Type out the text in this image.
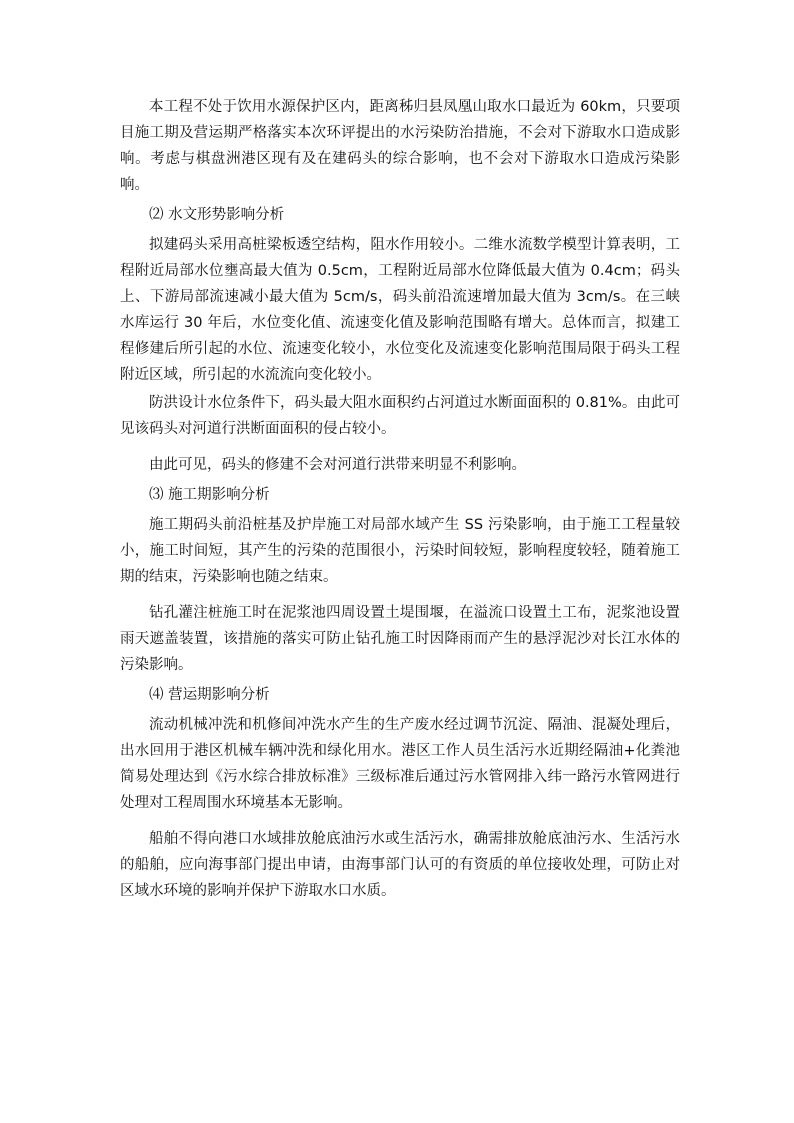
本工程不处于饮用水源保护区内，距离秭归县凤凰山取水口最近为 60km，只要项目施工期及营运期严格落实本次环评提出的水污染防治措施，不会对下游取水口造成影响。考虑与棋盘洲港区现有及在建码头的综合影响，也不会对下游取水口造成污染影响。

⑵ 水文形势影响分析

拟建码头采用高桩梁板透空结构，阻水作用较小。二维水流数学模型计算表明，工程附近局部水位壅高最大值为 0.5cm，工程附近局部水位降低最大值为 0.4cm；码头上、下游局部流速减小最大值为 5cm/s，码头前沿流速增加最大值为 3cm/s。在三峡水库运行 30 年后，水位变化值、流速变化值及影响范围略有增大。总体而言，拟建工程修建后所引起的水位、流速变化较小，水位变化及流速变化影响范围局限于码头工程附近区域，所引起的水流流向变化较小。

防洪设计水位条件下，码头最大阻水面积约占河道过水断面面积的 0.81%。由此可见该码头对河道行洪断面面积的侵占较小。

由此可见，码头的修建不会对河道行洪带来明显不利影响。

⑶ 施工期影响分析

施工期码头前沿桩基及护岸施工对局部水域产生 SS 污染影响，由于施工工程量较小，施工时间短，其产生的污染的范围很小，污染时间较短，影响程度较轻，随着施工期的结束，污染影响也随之结束。

钻孔灌注桩施工时在泥浆池四周设置土堤围堰，在溢流口设置土工布，泥浆池设置雨天遮盖装置，该措施的落实可防止钻孔施工时因降雨而产生的悬浮泥沙对长江水体的污染影响。

⑷ 营运期影响分析

流动机械冲洗和机修间冲洗水产生的生产废水经过调节沉淀、隔油、混凝处理后，出水回用于港区机械车辆冲洗和绿化用水。港区工作人员生活污水近期经隔油+化粪池简易处理达到《污水综合排放标准》三级标准后通过污水管网排入纬一路污水管网进行处理对工程周围水环境基本无影响。

船舶不得向港口水域排放舱底油污水或生活污水，确需排放舱底油污水、生活污水的船舶，应向海事部门提出申请，由海事部门认可的有资质的单位接收处理，可防止对区域水环境的影响并保护下游取水口水质。
